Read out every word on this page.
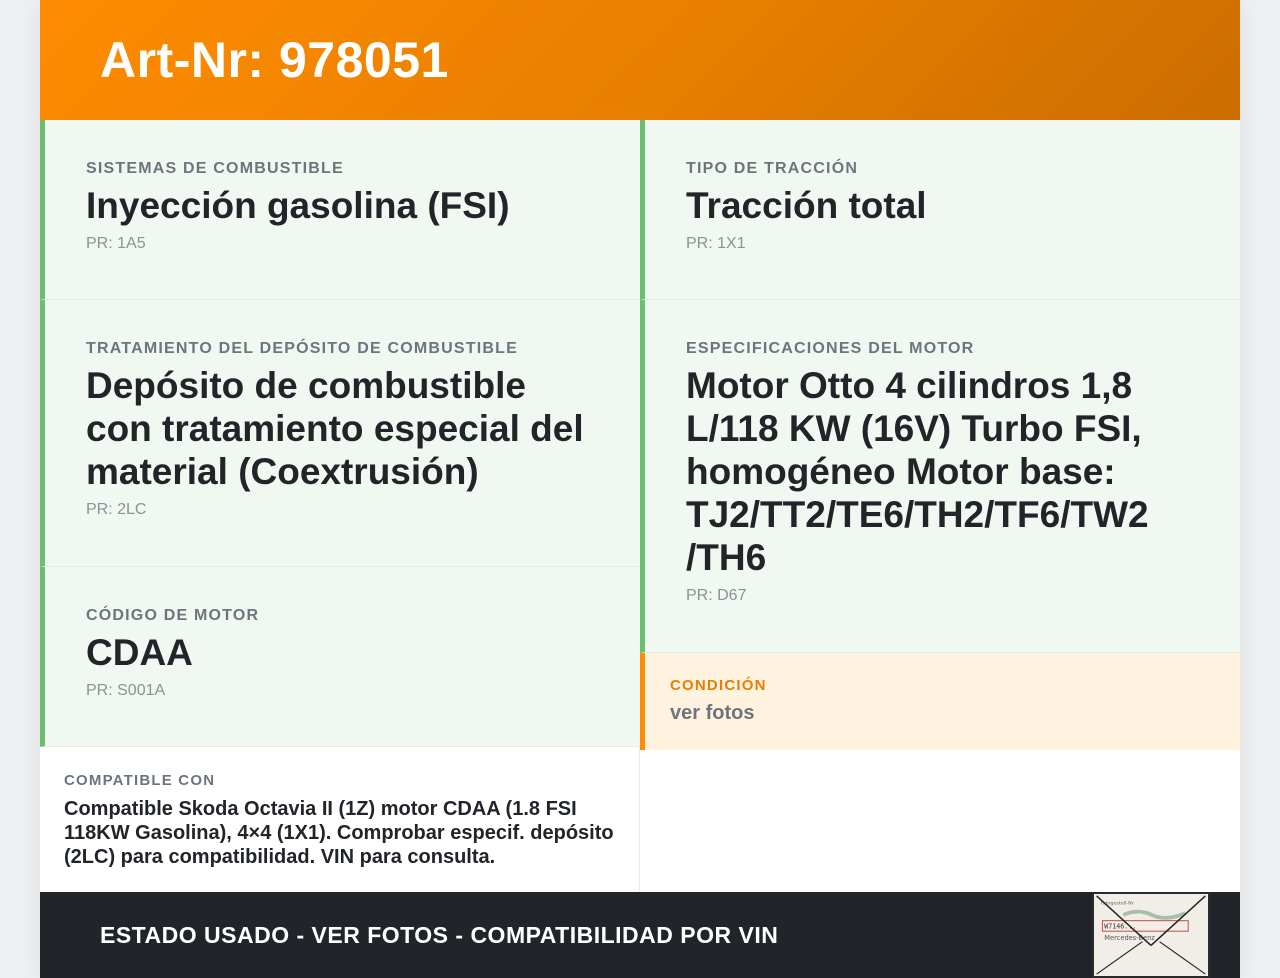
Art-Nr: 978051
SISTEMAS DE COMBUSTIBLE
Inyección gasolina (FSI)
PR: 1A5
TRATAMIENTO DEL DEPÓSITO DE COMBUSTIBLE
Depósito de combustible con tratamiento especial del material (Coextrusión)
PR: 2LC
CÓDIGO DE MOTOR
CDAA
PR: S001A
TIPO DE TRACCIÓN
Tracción total
PR: 1X1
ESPECIFICACIONES DEL MOTOR
Motor Otto 4 cilindros 1,8 L/118 KW (16V) Turbo FSI, homogéneo Motor base: TJ2/TT2/TE6/TH2/TF6/TW2 /TH6
PR: D67
CONDICIÓN
ver fotos
COMPATIBLE CON
Compatible Skoda Octavia II (1Z) motor CDAA (1.8 FSI 118KW Gasolina), 4×4 (1X1). Comprobar especif. depósito (2LC) para compatibilidad. VIN para consulta.
ESTADO USADO - VER FOTOS - COMPATIBILIDAD POR VIN
Fahrgestell-Nr
W7146...
Mercedes-Benz
